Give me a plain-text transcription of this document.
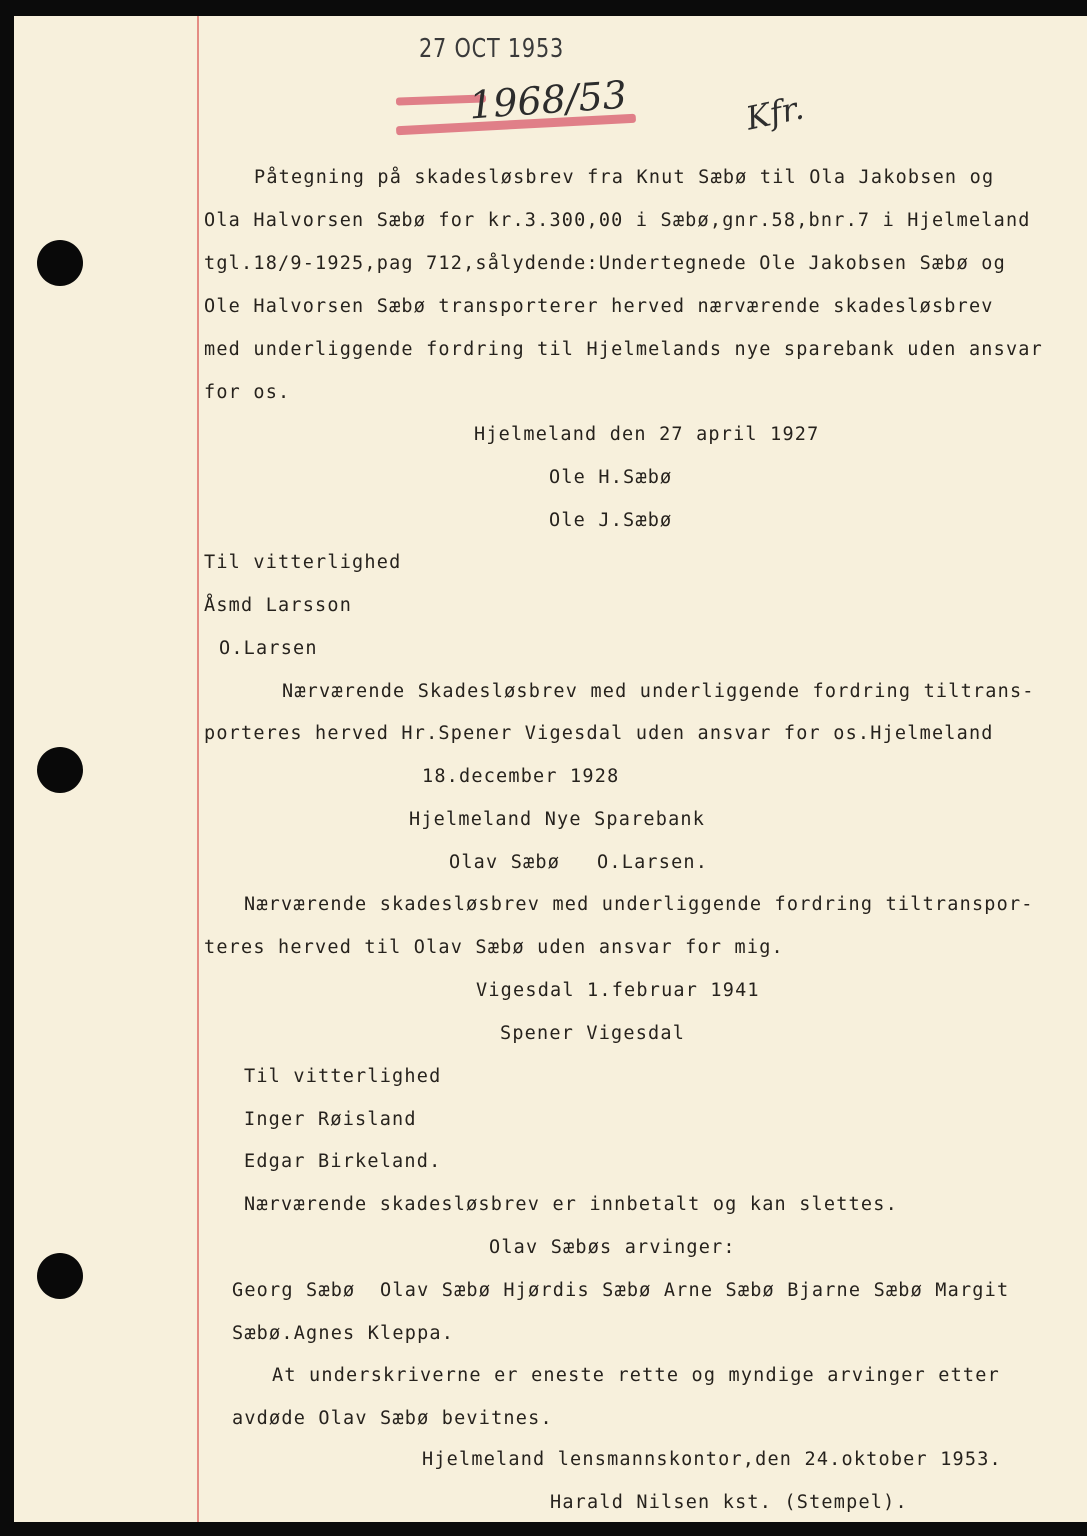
27 OCT 1953
1968/53	Kfr.
Påtegning på skadesløsbrev fra Knut Sæbø til Ola Jakobsen og
Ola Halvorsen Sæbø for kr.3.300,00 i Sæbø,gnr.58,bnr.7 i Hjelmeland
tgl.18/9-1925,pag 712,sålydende:Undertegnede Ole Jakobsen Sæbø og
Ole Halvorsen Sæbø transporterer herved nærværende skadesløsbrev
med underliggende fordring til Hjelmelands nye sparebank uden ansvar
for os.
Hjelmeland den 27 april 1927
Ole H.Sæbø
Ole J.Sæbø
Til vitterlighed
Åsmd Larsson
O.Larsen
Nærværende Skadesløsbrev med underliggende fordring tiltrans-
porteres herved Hr.Spener Vigesdal uden ansvar for os.Hjelmeland
18.december 1928
Hjelmeland Nye Sparebank
Olav Sæbø   O.Larsen.
Nærværende skadesløsbrev med underliggende fordring tiltranspor-
teres herved til Olav Sæbø uden ansvar for mig.
Vigesdal 1.februar 1941
Spener Vigesdal
Til vitterlighed
Inger Røisland
Edgar Birkeland.
Nærværende skadesløsbrev er innbetalt og kan slettes.
Olav Sæbøs arvinger:
Georg Sæbø  Olav Sæbø Hjørdis Sæbø Arne Sæbø Bjarne Sæbø Margit
Sæbø.Agnes Kleppa.
At underskriverne er eneste rette og myndige arvinger etter
avdøde Olav Sæbø bevitnes.
Hjelmeland lensmannskontor,den 24.oktober 1953.
Harald Nilsen kst. (Stempel).
